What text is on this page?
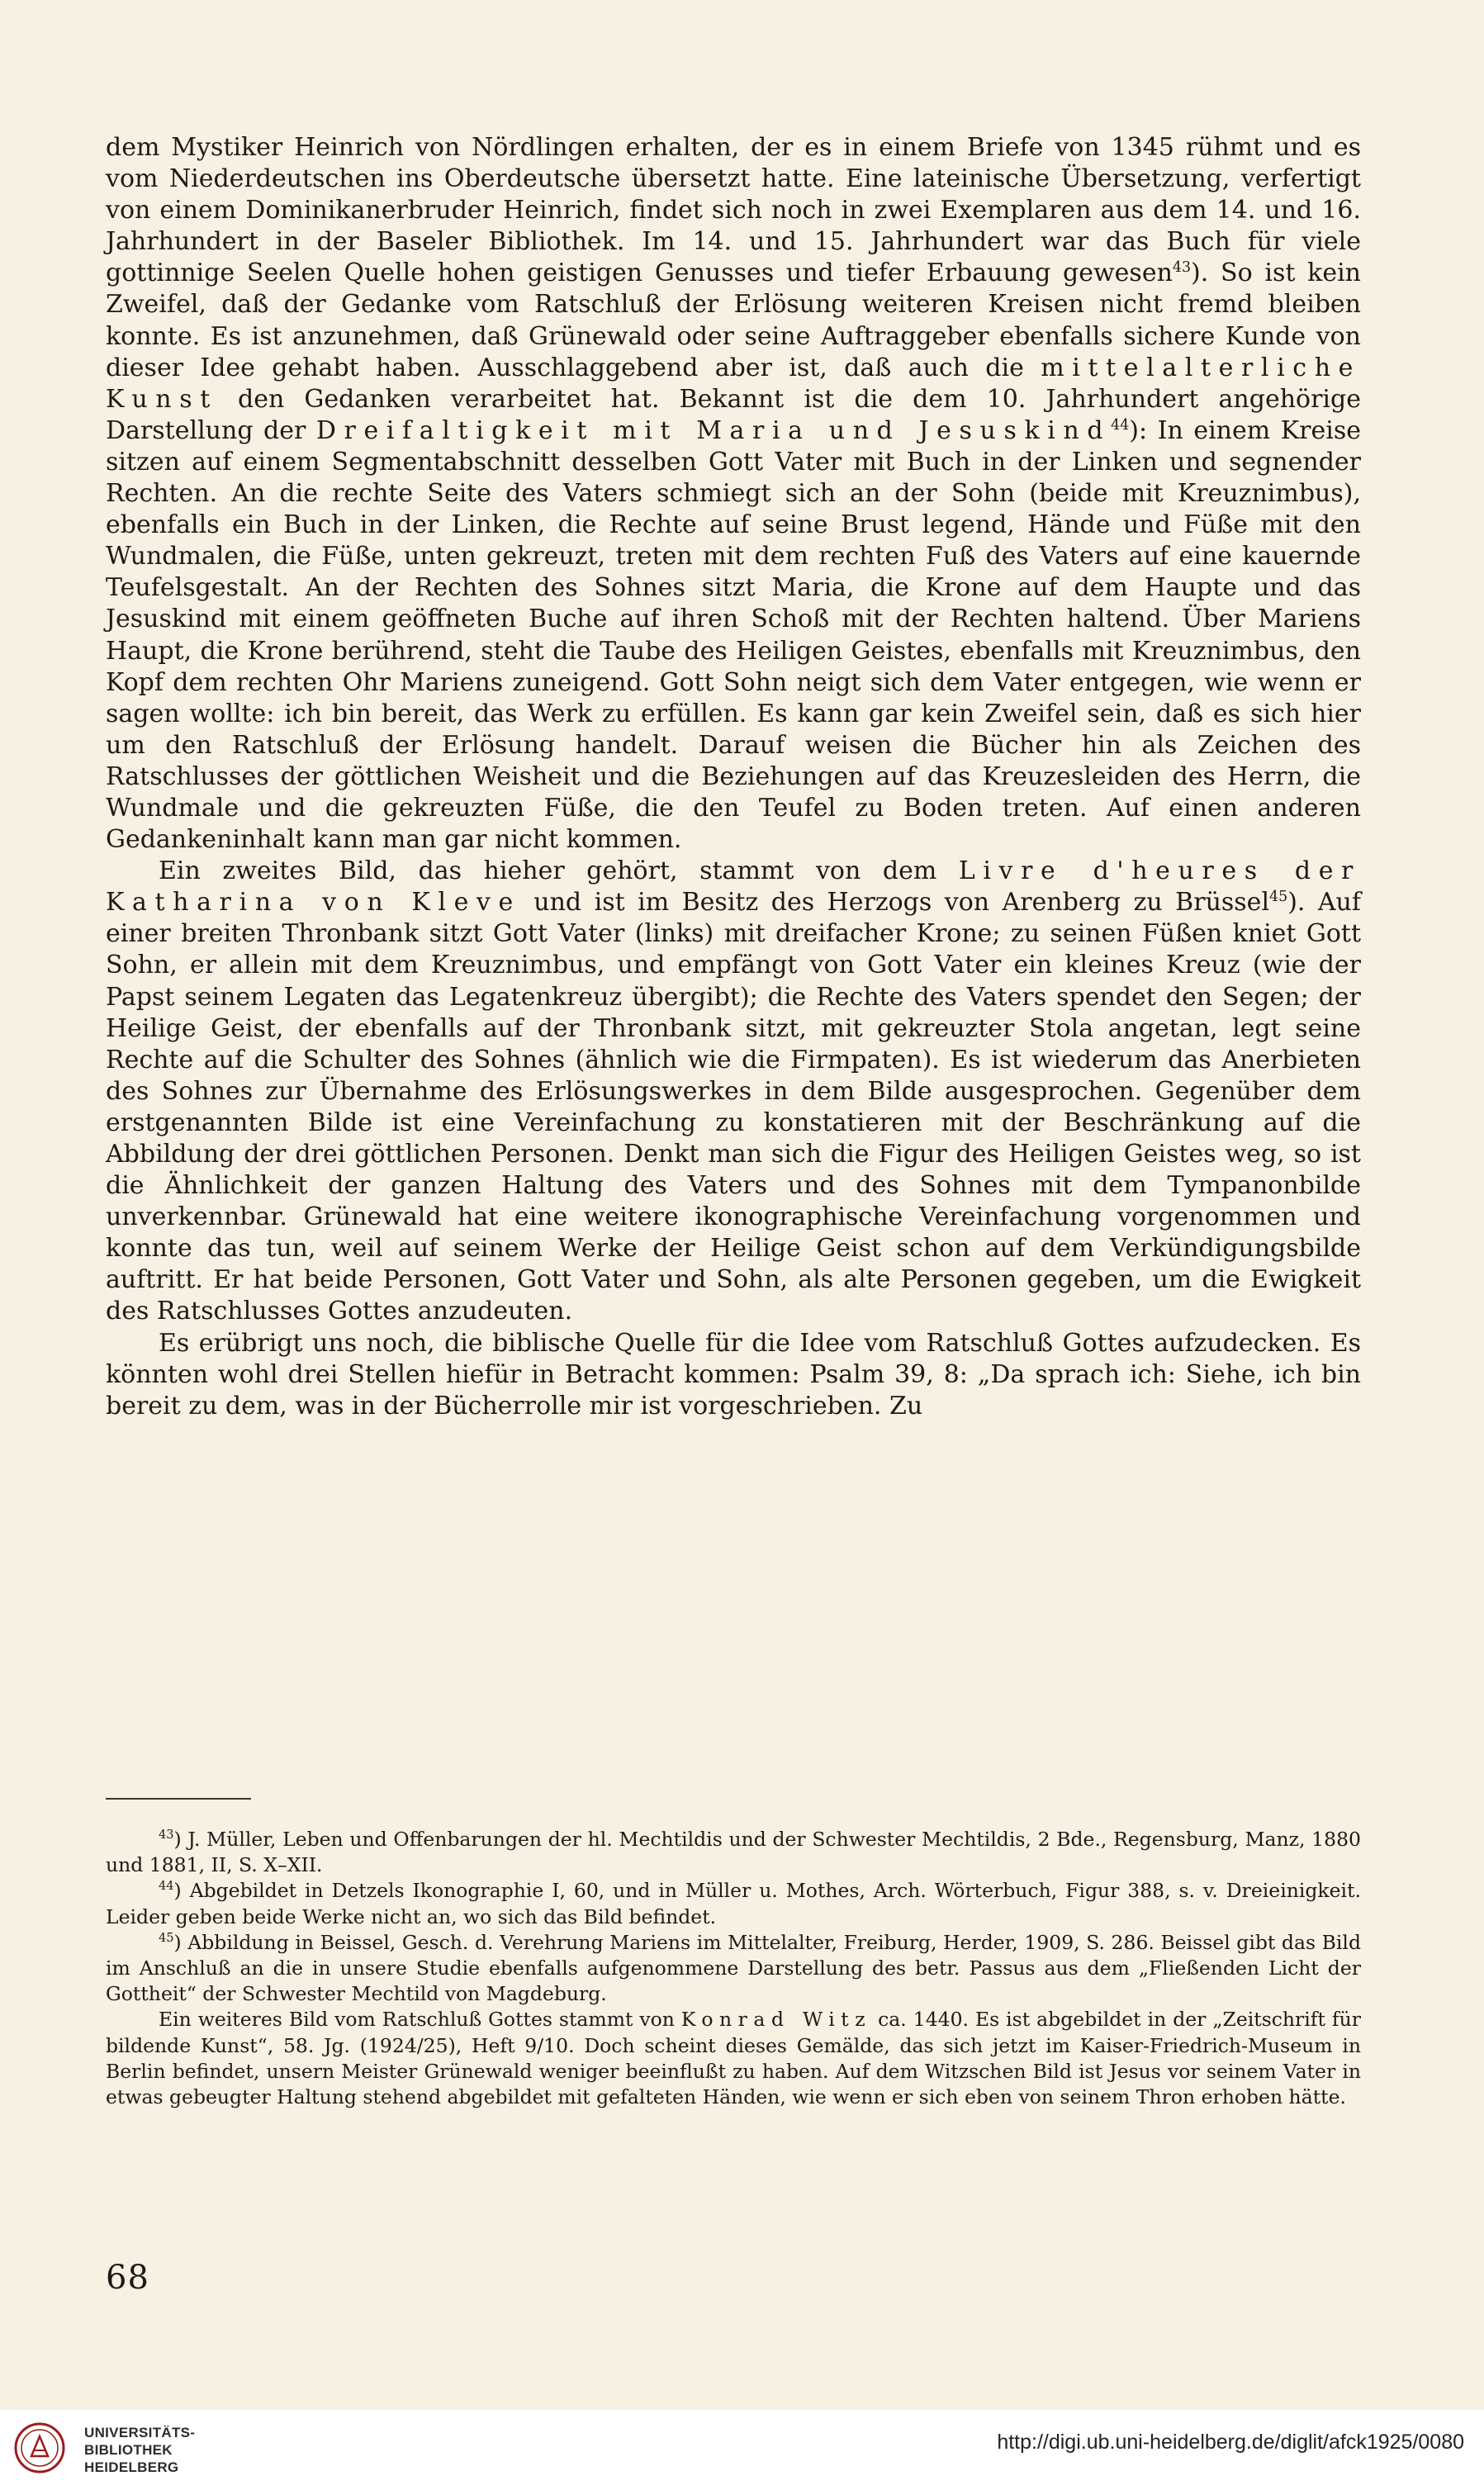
dem Mystiker Heinrich von Nördlingen erhalten, der es in einem Briefe von 1345 rühmt und es vom Niederdeutschen ins Oberdeutsche übersetzt hatte. Eine lateinische Übersetzung, verfertigt von einem Dominikanerbruder Heinrich, findet sich noch in zwei Exemplaren aus dem 14. und 16. Jahrhundert in der Baseler Bibliothek. Im 14. und 15. Jahrhundert war das Buch für viele gottinnige Seelen Quelle hohen geistigen Genusses und tiefer Erbauung gewesen$^{43}$). So ist kein Zweifel, daß der Gedanke vom Ratschluß der Erlösung weiteren Kreisen nicht fremd bleiben konnte. Es ist anzunehmen, daß Grünewald oder seine Auftraggeber ebenfalls sichere Kunde von dieser Idee gehabt haben. Ausschlaggebend aber ist, daß auch die mittelalterliche Kunst den Gedanken verarbeitet hat. Bekannt ist die dem 10. Jahrhundert angehörige Darstellung der Dreifaltigkeit mit Maria und Jesuskind$^{44}$): In einem Kreise sitzen auf einem Segmentabschnitt desselben Gott Vater mit Buch in der Linken und segnender Rechten. An die rechte Seite des Vaters schmiegt sich an der Sohn (beide mit Kreuznimbus), ebenfalls ein Buch in der Linken, die Rechte auf seine Brust legend, Hände und Füße mit den Wundmalen, die Füße, unten gekreuzt, treten mit dem rechten Fuß des Vaters auf eine kauernde Teufelsgestalt. An der Rechten des Sohnes sitzt Maria, die Krone auf dem Haupte und das Jesuskind mit einem geöffneten Buche auf ihren Schoß mit der Rechten haltend. Über Mariens Haupt, die Krone berührend, steht die Taube des Heiligen Geistes, ebenfalls mit Kreuznimbus, den Kopf dem rechten Ohr Mariens zuneigend. Gott Sohn neigt sich dem Vater entgegen, wie wenn er sagen wollte: ich bin bereit, das Werk zu erfüllen. Es kann gar kein Zweifel sein, daß es sich hier um den Ratschluß der Erlösung handelt. Darauf weisen die Bücher hin als Zeichen des Ratschlusses der göttlichen Weisheit und die Beziehungen auf das Kreuzesleiden des Herrn, die Wundmale und die gekreuzten Füße, die den Teufel zu Boden treten. Auf einen anderen Gedankeninhalt kann man gar nicht kommen.

Ein zweites Bild, das hieher gehört, stammt von dem Livre d'heures der Katharina von Kleve und ist im Besitz des Herzogs von Arenberg zu Brüssel$^{45}$). Auf einer breiten Thronbank sitzt Gott Vater (links) mit dreifacher Krone; zu seinen Füßen kniet Gott Sohn, er allein mit dem Kreuznimbus, und empfängt von Gott Vater ein kleines Kreuz (wie der Papst seinem Legaten das Legatenkreuz übergibt); die Rechte des Vaters spendet den Segen; der Heilige Geist, der ebenfalls auf der Thronbank sitzt, mit gekreuzter Stola angetan, legt seine Rechte auf die Schulter des Sohnes (ähnlich wie die Firmpaten). Es ist wiederum das Anerbieten des Sohnes zur Übernahme des Erlösungswerkes in dem Bilde ausgesprochen. Gegenüber dem erstgenannten Bilde ist eine Vereinfachung zu konstatieren mit der Beschränkung auf die Abbildung der drei göttlichen Personen. Denkt man sich die Figur des Heiligen Geistes weg, so ist die Ähnlichkeit der ganzen Haltung des Vaters und des Sohnes mit dem Tympanonbilde unverkennbar. Grünewald hat eine weitere ikonographische Vereinfachung vorgenommen und konnte das tun, weil auf seinem Werke der Heilige Geist schon auf dem Verkündigungsbilde auftritt. Er hat beide Personen, Gott Vater und Sohn, als alte Personen gegeben, um die Ewigkeit des Ratschlusses Gottes anzudeuten.

Es erübrigt uns noch, die biblische Quelle für die Idee vom Ratschluß Gottes aufzudecken. Es könnten wohl drei Stellen hiefür in Betracht kommen: Psalm 39, 8: „Da sprach ich: Siehe, ich bin bereit zu dem, was in der Bücherrolle mir ist vorgeschrieben. Zu

$^{43}$) J. Müller, Leben und Offenbarungen der hl. Mechtildis und der Schwester Mechtildis, 2 Bde., Regensburg, Manz, 1880 und 1881, II, S. X–XII.

$^{44}$) Abgebildet in Detzels Ikonographie I, 60, und in Müller u. Mothes, Arch. Wörterbuch, Figur 388, s. v. Dreieinigkeit. Leider geben beide Werke nicht an, wo sich das Bild befindet.

$^{45}$) Abbildung in Beissel, Gesch. d. Verehrung Mariens im Mittelalter, Freiburg, Herder, 1909, S. 286. Beissel gibt das Bild im Anschluß an die in unsere Studie ebenfalls aufgenommene Darstellung des betr. Passus aus dem „Fließenden Licht der Gottheit“ der Schwester Mechtild von Magdeburg.

Ein weiteres Bild vom Ratschluß Gottes stammt von Konrad Witz ca. 1440. Es ist abgebildet in der „Zeitschrift für bildende Kunst“, 58. Jg. (1924/25), Heft 9/10. Doch scheint dieses Gemälde, das sich jetzt im Kaiser-Friedrich-Museum in Berlin befindet, unsern Meister Grünewald weniger beeinflußt zu haben. Auf dem Witzschen Bild ist Jesus vor seinem Vater in etwas gebeugter Haltung stehend abgebildet mit gefalteten Händen, wie wenn er sich eben von seinem Thron erhoben hätte.

68
UNIVERSITÄTS-
BIBLIOTHEK
HEIDELBERG
http://digi.ub.uni-heidelberg.de/diglit/afck1925/0080
